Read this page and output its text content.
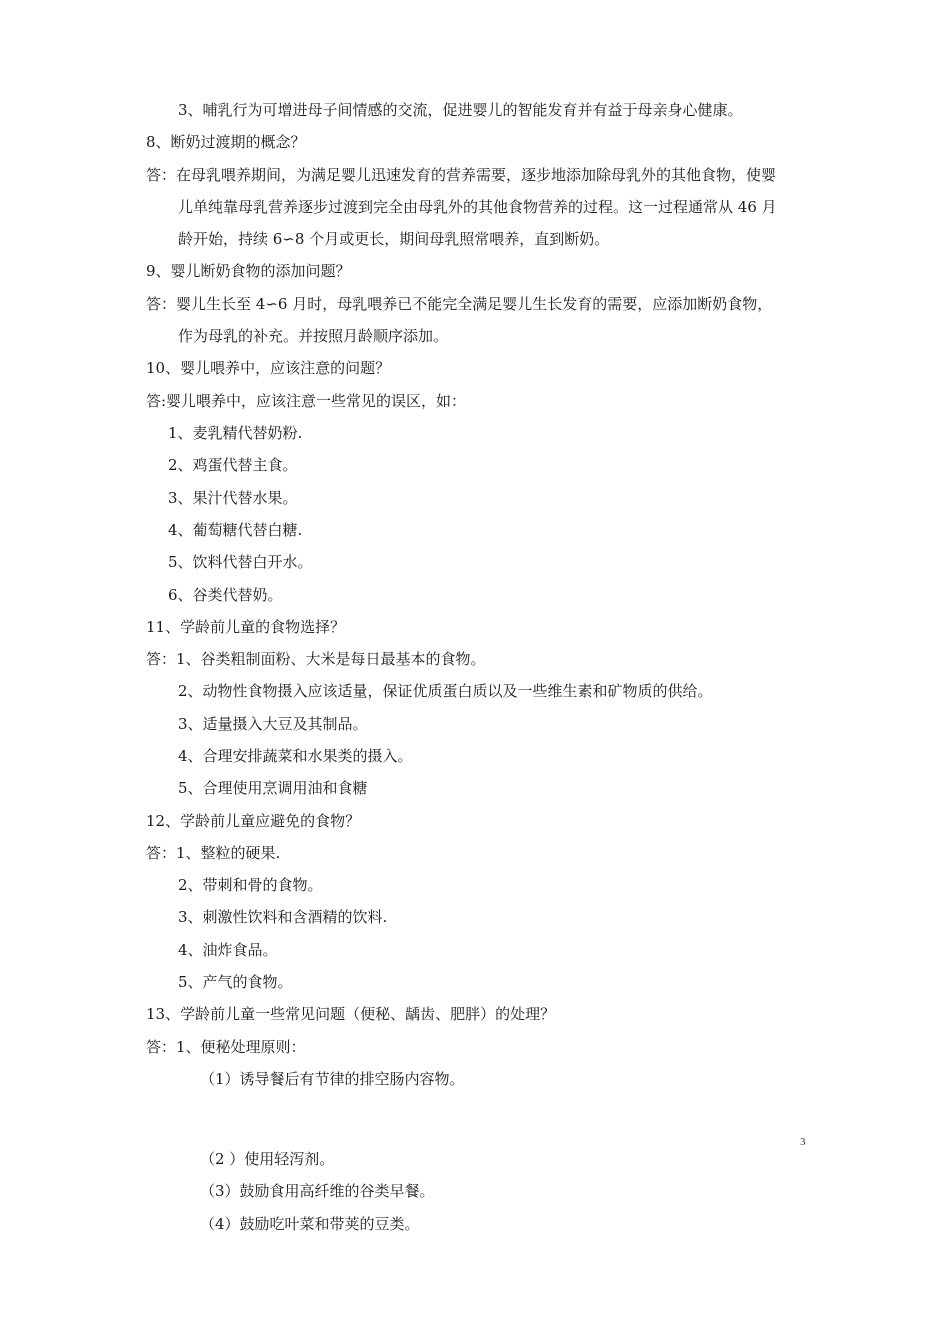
3、哺乳行为可增进母子间情感的交流，促进婴儿的智能发育并有益于母亲身心健康。
8、断奶过渡期的概念？
答：在母乳喂养期间，为满足婴儿迅速发育的营养需要，逐步地添加除母乳外的其他食物，使婴
儿单纯靠母乳营养逐步过渡到完全由母乳外的其他食物营养的过程。这一过程通常从 46 月
龄开始，持续 6∽8 个月或更长，期间母乳照常喂养，直到断奶。
9、婴儿断奶食物的添加问题？
答：婴儿生长至 4∽6 月时，母乳喂养已不能完全满足婴儿生长发育的需要，应添加断奶食物，
作为母乳的补充。并按照月龄顺序添加。
10、婴儿喂养中，应该注意的问题？
答:婴儿喂养中，应该注意一些常见的误区，如：
1、麦乳精代替奶粉.
2、鸡蛋代替主食。
3、果汁代替水果。
4、葡萄糖代替白糖.
5、饮料代替白开水。
6、谷类代替奶。
11、学龄前儿童的食物选择？
答：1、谷类粗制面粉、大米是每日最基本的食物。
2、动物性食物摄入应该适量，保证优质蛋白质以及一些维生素和矿物质的供给。
3、适量摄入大豆及其制品。
4、合理安排蔬菜和水果类的摄入。
5、合理使用烹调用油和食糖
12、学龄前儿童应避免的食物？
答：1、整粒的硬果.
2、带刺和骨的食物。
3、刺激性饮料和含酒精的饮料.
4、油炸食品。
5、产气的食物。
13、学龄前儿童一些常见问题（便秘、龋齿、肥胖）的处理？
答：1、便秘处理原则：
（1）诱导餐后有节律的排空肠内容物。
3
（2 ）使用轻泻剂。
（3）鼓励食用高纤维的谷类早餐。
（4）鼓励吃叶菜和带荚的豆类。
